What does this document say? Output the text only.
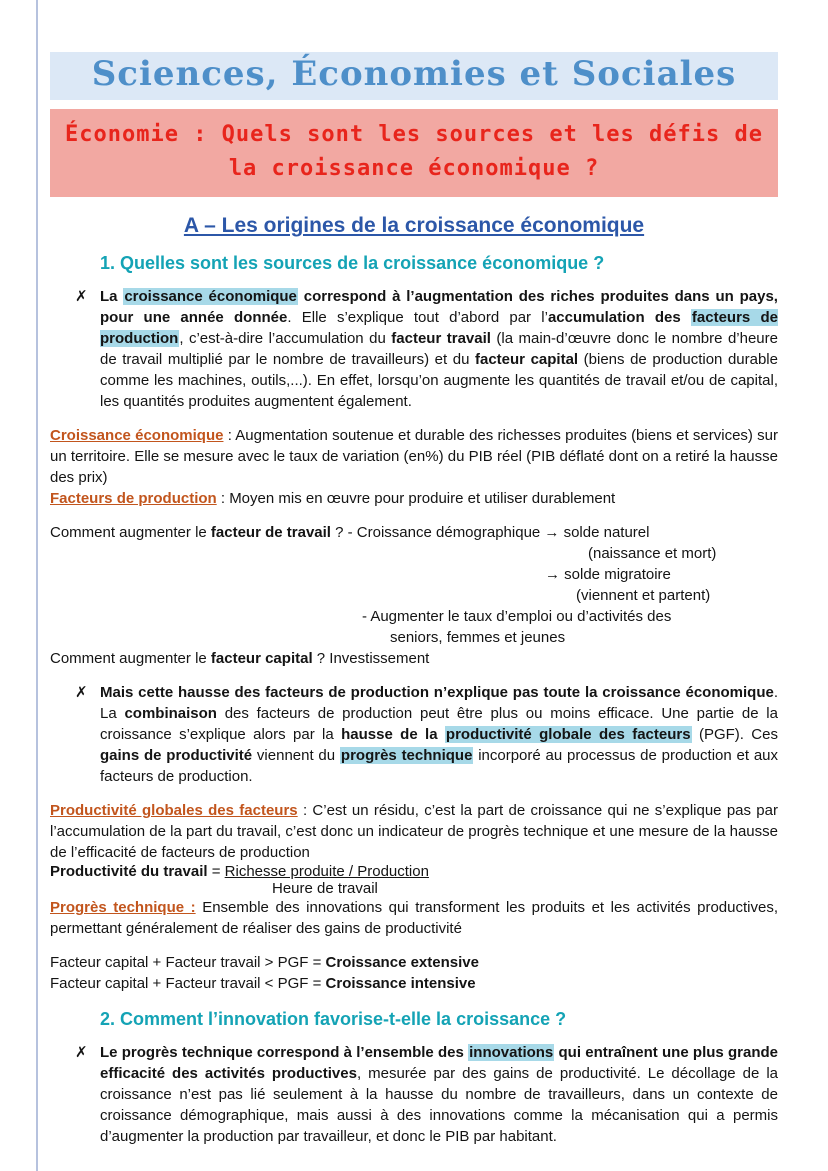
Sciences, Économies et Sociales
Économie : Quels sont les sources et les défis de
la croissance économique ?
A – Les origines de la croissance économique
1. Quelles sont les sources de la croissance économique ?
✗ La croissance économique correspond à l’augmentation des riches produites dans un pays, pour une année donnée. Elle s’explique tout d’abord par l’accumulation des facteurs de production, c’est-à-dire l’accumulation du facteur travail (la main-d’œuvre donc le nombre d’heure de travail multiplié par le nombre de travailleurs) et du facteur capital (biens de production durable comme les machines, outils,...). En effet, lorsqu’on augmente les quantités de travail et/ou de capital, les quantités produites augmentent également.

Croissance économique : Augmentation soutenue et durable des richesses produites (biens et services) sur un territoire. Elle se mesure avec le taux de variation (en%) du PIB réel (PIB déflaté dont on a retiré la hausse des prix)

Facteurs de production : Moyen mis en œuvre pour produire et utiliser durablement

Comment augmenter le facteur de travail ? - Croissance démographique → solde naturel
(naissance et mort)
→ solde migratoire
(viennent et partent)
- Augmenter le taux d’emploi ou d’activités des
seniors, femmes et jeunes
Comment augmenter le facteur capital ? Investissement
✗ Mais cette hausse des facteurs de production n’explique pas toute la croissance économique. La combinaison des facteurs de production peut être plus ou moins efficace. Une partie de la croissance s’explique alors par la hausse de la productivité globale des facteurs (PGF). Ces gains de productivité viennent du progrès technique incorporé au processus de production et aux facteurs de production.

Productivité globales des facteurs : C’est un résidu, c’est la part de croissance qui ne s’explique pas par l’accumulation de la part du travail, c’est donc un indicateur de progrès technique et une mesure de la hausse de l’efficacité de facteurs de production

Productivité du travail = Richesse produite / Production
Heure de travail

Progrès technique : Ensemble des innovations qui transforment les produits et les activités productives, permettant généralement de réaliser des gains de productivité

Facteur capital + Facteur travail > PGF = Croissance extensive
Facteur capital + Facteur travail < PGF = Croissance intensive
2. Comment l’innovation favorise-t-elle la croissance ?
✗ Le progrès technique correspond à l’ensemble des innovations qui entraînent une plus grande efficacité des activités productives, mesurée par des gains de productivité. Le décollage de la croissance n’est pas lié seulement à la hausse du nombre de travailleurs, dans un contexte de croissance démographique, mais aussi à des innovations comme la mécanisation qui a permis d’augmenter la production par travailleur, et donc le PIB par habitant.
